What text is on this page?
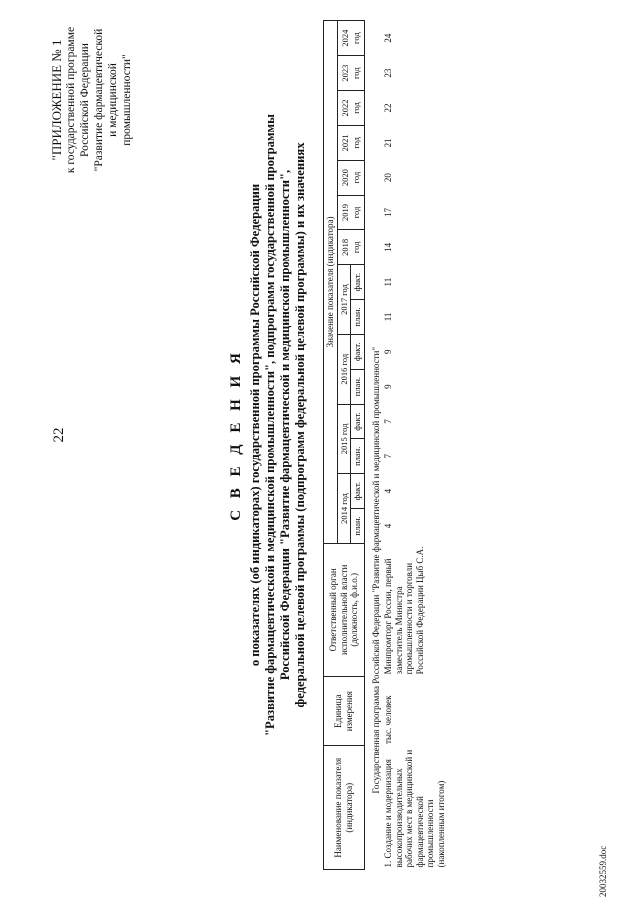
22
"ПРИЛОЖЕНИЕ № 1 к государственной программе Российской Федерации "Развитие фармацевтической и медицинской промышленности"
С В Е Д Е Н И Я о показателях (об индикаторах) государственной программы Российской Федерации "Развитие фармацевтической и медицинской промышленности", подпрограмм государственной программы Российской Федерации "Развитие фармацевтической и медицинской промышленности", федеральной целевой программы (подпрограмм федеральной целевой программы) и их значениях
Наименование показателя (индикатора)	Единица измерения	Ответственный орган исполнительной власти (должность, ф.и.о.)	Значение показателя (индикатора)														
			2014 год		2015 год		2016 год		2017 год		2018 год	2019 год	2020 год	2021 год	2022 год	2023 год	2024 год
			план.	факт.	план.	факт.	план.	факт.	план.	факт.							
Государственная программа Российской Федерации "Развитие фармацевтической и медицинской промышленности"																	
1. Создание и модернизация высокопроизводительных рабочих мест в медицинской и фармацевтической промышленности (накопленным итогом)	тыс. человек	Минпромторг России, первый заместитель Министра промышленности и торговли Российской Федерации Цыб С.А.	4	4	7	7	9	9	11	11	14	17	20	21	22	23	24
20032559.doc
